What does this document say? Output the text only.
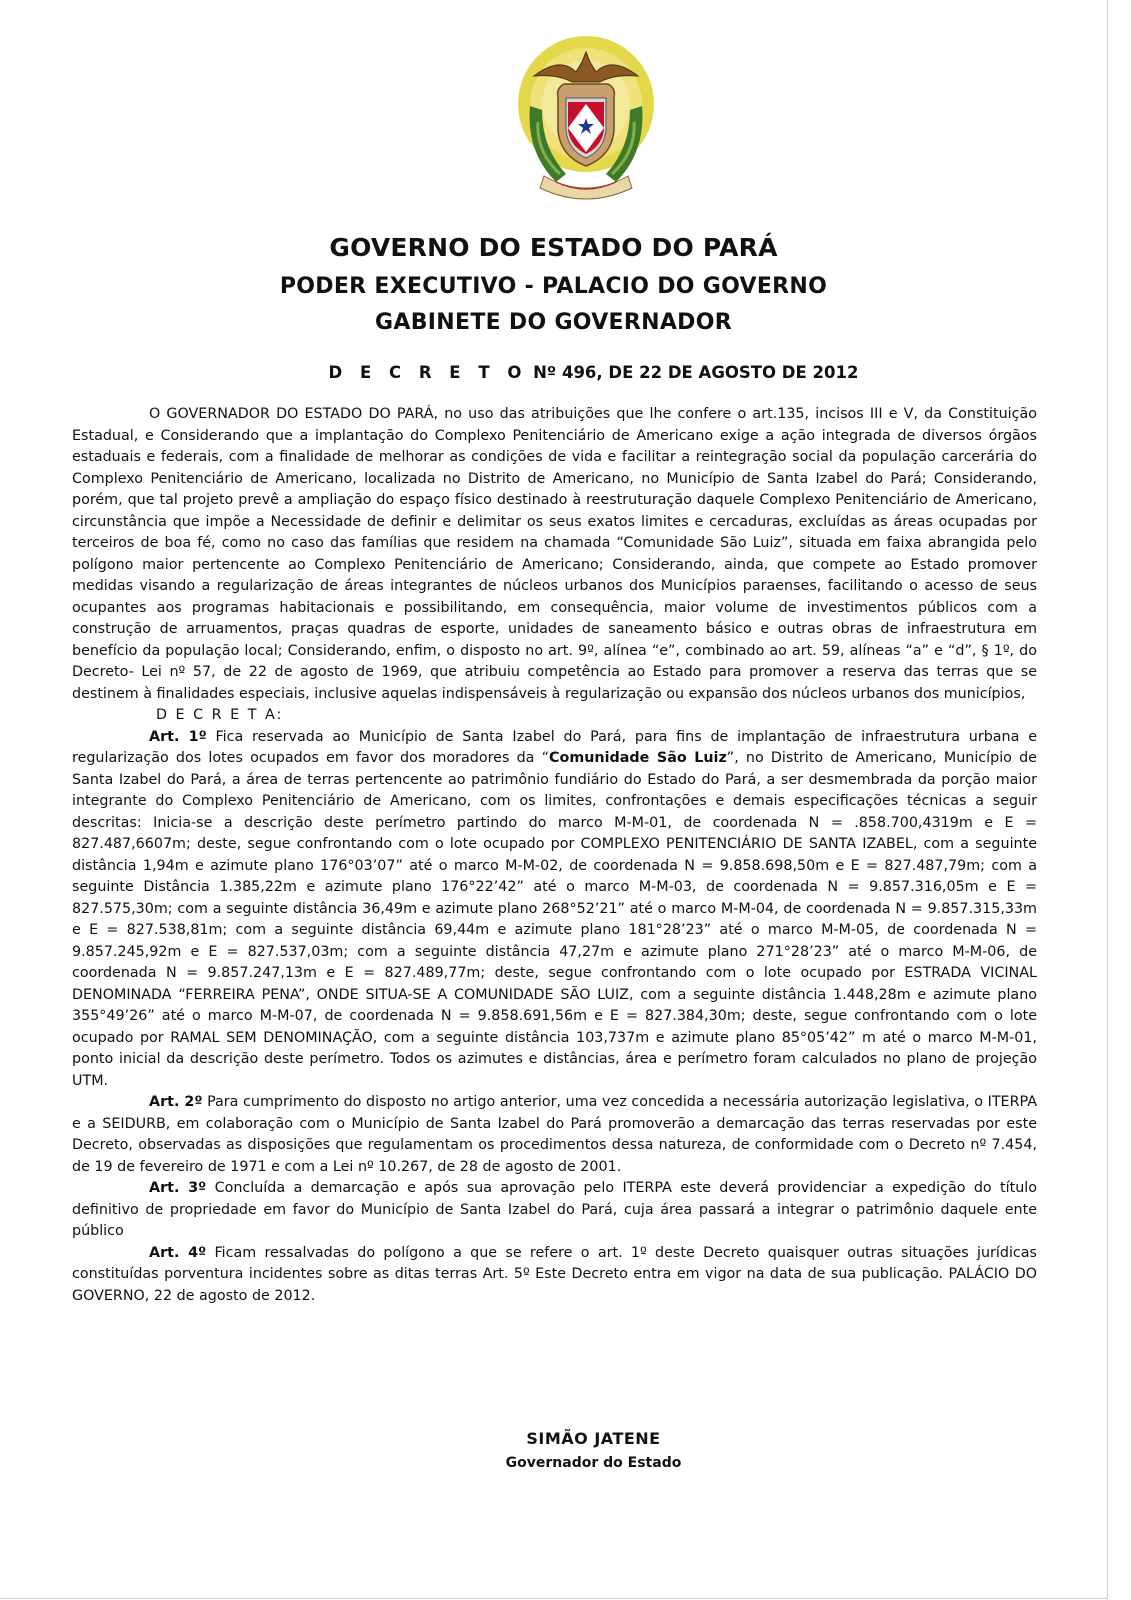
GOVERNO DO ESTADO DO PARÁ
PODER EXECUTIVO - PALACIO DO GOVERNO
GABINETE DO GOVERNADOR
D E C R E T O Nº 496, DE 22 DE AGOSTO DE 2012

O GOVERNADOR DO ESTADO DO PARÁ, no uso das atribuições que lhe confere o art.135, incisos III e V, da Constituição Estadual, e Considerando que a implantação do Complexo Penitenciário de Americano exige a ação integrada de diversos órgãos estaduais e federais, com a finalidade de melhorar as condições de vida e facilitar a reintegração social da população carcerária do Complexo Penitenciário de Americano, localizada no Distrito de Americano, no Município de Santa Izabel do Pará; Considerando, porém, que tal projeto prevê a ampliação do espaço físico destinado à reestruturação daquele Complexo Penitenciário de Americano, circunstância que impõe a Necessidade de definir e delimitar os seus exatos limites e cercaduras, excluídas as áreas ocupadas por terceiros de boa fé, como no caso das famílias que residem na chamada “Comunidade São Luiz”, situada em faixa abrangida pelo polígono maior pertencente ao Complexo Penitenciário de Americano; Considerando, ainda, que compete ao Estado promover medidas visando a regularização de áreas integrantes de núcleos urbanos dos Municípios paraenses, facilitando o acesso de seus ocupantes aos programas habitacionais e possibilitando, em consequência, maior volume de investimentos públicos com a construção de arruamentos, praças quadras de esporte, unidades de saneamento básico e outras obras de infraestrutura em benefício da população local; Considerando, enfim, o disposto no art. 9º, alínea “e”, combinado ao art. 59, alíneas “a” e “d”, § 1º, do Decreto- Lei nº 57, de 22 de agosto de 1969, que atribuiu competência ao Estado para promover a reserva das terras que se destinem à finalidades especiais, inclusive aquelas indispensáveis à regularização ou expansão dos núcleos urbanos dos municípios,

D E C R E T A:

Art. 1º Fica reservada ao Município de Santa Izabel do Pará, para fins de implantação de infraestrutura urbana e regularização dos lotes ocupados em favor dos moradores da “Comunidade São Luiz”, no Distrito de Americano, Município de Santa Izabel do Pará, a área de terras pertencente ao patrimônio fundiário do Estado do Pará, a ser desmembrada da porção maior integrante do Complexo Penitenciário de Americano, com os limites, confrontações e demais especificações técnicas a seguir descritas: Inicia-se a descrição deste perímetro partindo do marco M-M-01, de coordenada N = .858.700,4319m e E = 827.487,6607m; deste, segue confrontando com o lote ocupado por COMPLEXO PENITENCIÁRIO DE SANTA IZABEL, com a seguinte distância 1,94m e azimute plano 176°03’07” até o marco M-M-02, de coordenada N = 9.858.698,50m e E = 827.487,79m; com a seguinte Distância 1.385,22m e azimute plano 176°22’42” até o marco M-M-03, de coordenada N = 9.857.316,05m e E = 827.575,30m; com a seguinte distância 36,49m e azimute plano 268°52’21” até o marco M-M-04, de coordenada N = 9.857.315,33m e E = 827.538,81m; com a seguinte distância 69,44m e azimute plano 181°28’23” até o marco M-M-05, de coordenada N = 9.857.245,92m e E = 827.537,03m; com a seguinte distância 47,27m e azimute plano 271°28’23” até o marco M-M-06, de coordenada N = 9.857.247,13m e E = 827.489,77m; deste, segue confrontando com o lote ocupado por ESTRADA VICINAL DENOMINADA “FERREIRA PENA”, ONDE SITUA-SE A COMUNIDADE SÃO LUIZ, com a seguinte distância 1.448,28m e azimute plano 355°49’26” até o marco M-M-07, de coordenada N = 9.858.691,56m e E = 827.384,30m; deste, segue confrontando com o lote ocupado por RAMAL SEM DENOMINAÇÃO, com a seguinte distância 103,737m e azimute plano 85°05’42” m até o marco M-M-01, ponto inicial da descrição deste perímetro. Todos os azimutes e distâncias, área e perímetro foram calculados no plano de projeção UTM.

Art. 2º Para cumprimento do disposto no artigo anterior, uma vez concedida a necessária autorização legislativa, o ITERPA e a SEIDURB, em colaboração com o Município de Santa Izabel do Pará promoverão a demarcação das terras reservadas por este Decreto, observadas as disposições que regulamentam os procedimentos dessa natureza, de conformidade com o Decreto nº 7.454, de 19 de fevereiro de 1971 e com a Lei nº 10.267, de 28 de agosto de 2001.

Art. 3º Concluída a demarcação e após sua aprovação pelo ITERPA este deverá providenciar a expedição do título definitivo de propriedade em favor do Município de Santa Izabel do Pará, cuja área passará a integrar o patrimônio daquele ente público

Art. 4º Ficam ressalvadas do polígono a que se refere o art. 1º deste Decreto quaisquer outras situações jurídicas constituídas porventura incidentes sobre as ditas terras Art. 5º Este Decreto entra em vigor na data de sua publicação. PALÁCIO DO GOVERNO, 22 de agosto de 2012.

SIMÃO JATENE
Governador do Estado
